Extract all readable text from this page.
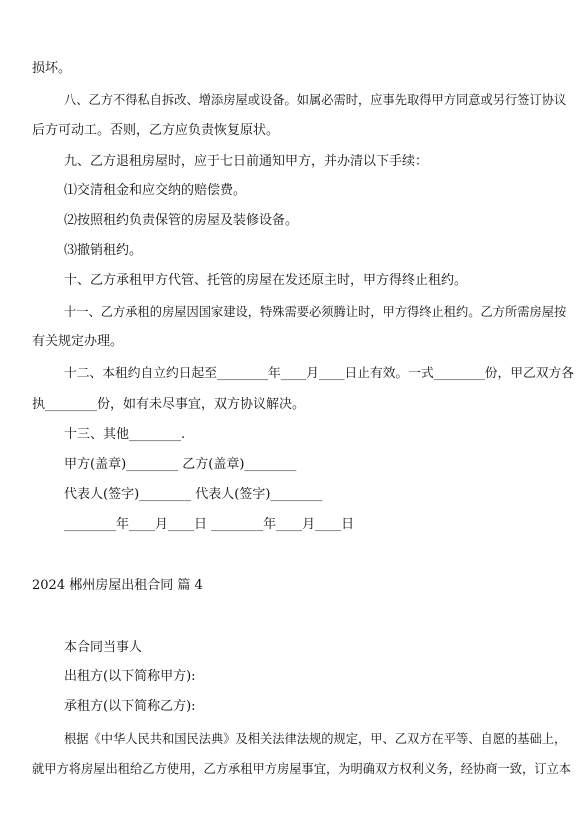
损坏。
八、乙方不得私自拆改、增添房屋或设备。如属必需时，应事先取得甲方同意或另行签订协议
后方可动工。否则，乙方应负责恢复原状。
九、乙方退租房屋时，应于七日前通知甲方，并办清以下手续：
⑴交清租金和应交纳的赔偿费。
⑵按照租约负责保管的房屋及装修设备。
⑶撤销租约。
十、乙方承租甲方代管、托管的房屋在发还原主时，甲方得终止租约。
十一、乙方承租的房屋因国家建设，特殊需要必须腾让时，甲方得终止租约。乙方所需房屋按
有关规定办理。
十二、本租约自立约日起至________年____月____日止有效。一式________份，甲乙双方各
执________份，如有未尽事宜，双方协议解决。
十三、其他________.
甲方(盖章)________ 乙方(盖章)________
代表人(签字)________ 代表人(签字)________
________年____月____日 ________年____月____日
2024 郴州房屋出租合同 篇 4
本合同当事人
出租方(以下简称甲方):
承租方(以下简称乙方):
根据《中华人民共和国民法典》及相关法律法规的规定，甲、乙双方在平等、自愿的基础上，
就甲方将房屋出租给乙方使用，乙方承租甲方房屋事宜，为明确双方权利义务，经协商一致，订立本
